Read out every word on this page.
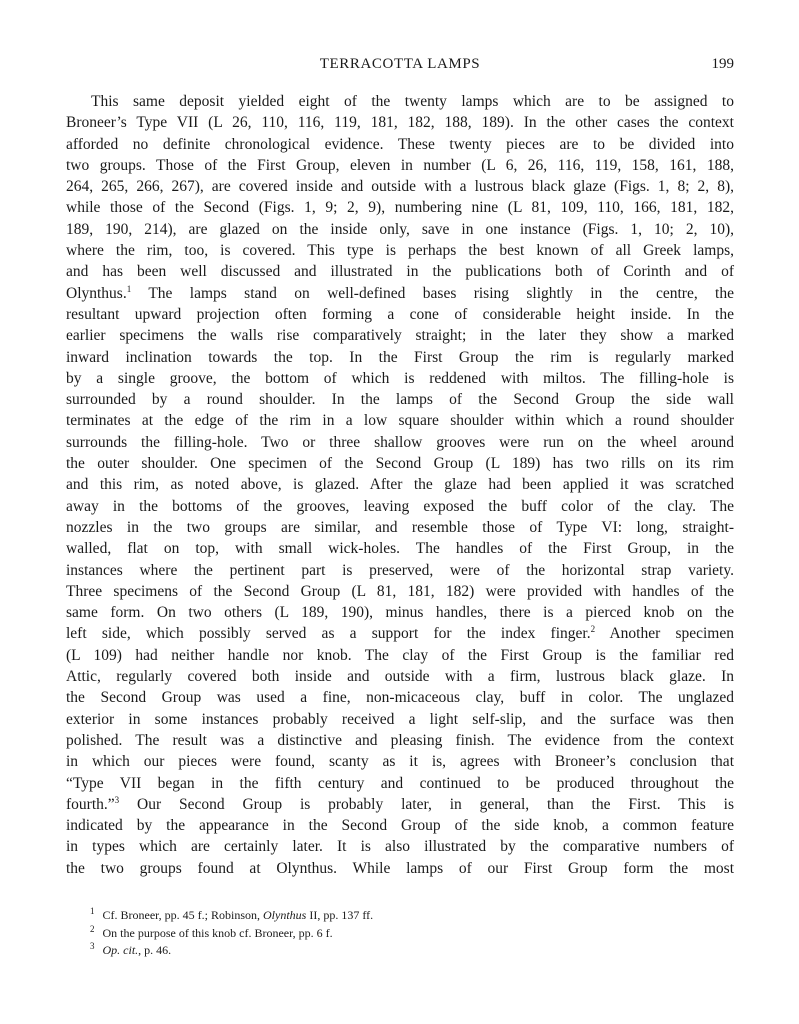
TERRACOTTA LAMPS	199
This same deposit yielded eight of the twenty lamps which are to be assigned to
Broneer’s Type VII (L 26, 110, 116, 119, 181, 182, 188, 189). In the other cases the context
afforded no definite chronological evidence. These twenty pieces are to be divided into
two groups. Those of the First Group, eleven in number (L 6, 26, 116, 119, 158, 161, 188,
264, 265, 266, 267), are covered inside and outside with a lustrous black glaze (Figs. 1, 8; 2, 8),
while those of the Second (Figs. 1, 9; 2, 9), numbering nine (L 81, 109, 110, 166, 181, 182,
189, 190, 214), are glazed on the inside only, save in one instance (Figs. 1, 10; 2, 10),
where the rim, too, is covered. This type is perhaps the best known of all Greek lamps,
and has been well discussed and illustrated in the publications both of Corinth and of
Olynthus.$^1$ The lamps stand on well-defined bases rising slightly in the centre, the
resultant upward projection often forming a cone of considerable height inside. In the
earlier specimens the walls rise comparatively straight; in the later they show a marked
inward inclination towards the top. In the First Group the rim is regularly marked
by a single groove, the bottom of which is reddened with miltos. The filling-hole is
surrounded by a round shoulder. In the lamps of the Second Group the side wall
terminates at the edge of the rim in a low square shoulder within which a round shoulder
surrounds the filling-hole. Two or three shallow grooves were run on the wheel around
the outer shoulder. One specimen of the Second Group (L 189) has two rills on its rim
and this rim, as noted above, is glazed. After the glaze had been applied it was scratched
away in the bottoms of the grooves, leaving exposed the buff color of the clay. The
nozzles in the two groups are similar, and resemble those of Type VI: long, straight-
walled, flat on top, with small wick-holes. The handles of the First Group, in the
instances where the pertinent part is preserved, were of the horizontal strap variety.
Three specimens of the Second Group (L 81, 181, 182) were provided with handles of the
same form. On two others (L 189, 190), minus handles, there is a pierced knob on the
left side, which possibly served as a support for the index finger.$^2$ Another specimen
(L 109) had neither handle nor knob. The clay of the First Group is the familiar red
Attic, regularly covered both inside and outside with a firm, lustrous black glaze. In
the Second Group was used a fine, non-micaceous clay, buff in color. The unglazed
exterior in some instances probably received a light self-slip, and the surface was then
polished. The result was a distinctive and pleasing finish. The evidence from the context
in which our pieces were found, scanty as it is, agrees with Broneer’s conclusion that
“Type VII began in the fifth century and continued to be produced throughout the
fourth.”$^3$ Our Second Group is probably later, in general, than the First. This is
indicated by the appearance in the Second Group of the side knob, a common feature
in types which are certainly later. It is also illustrated by the comparative numbers of
the two groups found at Olynthus. While lamps of our First Group form the most
$^1$ Cf. Broneer, pp. 45 f.; Robinson, Olynthus II, pp. 137 ff.
$^2$ On the purpose of this knob cf. Broneer, pp. 6 f.
$^3$ Op. cit., p. 46.
